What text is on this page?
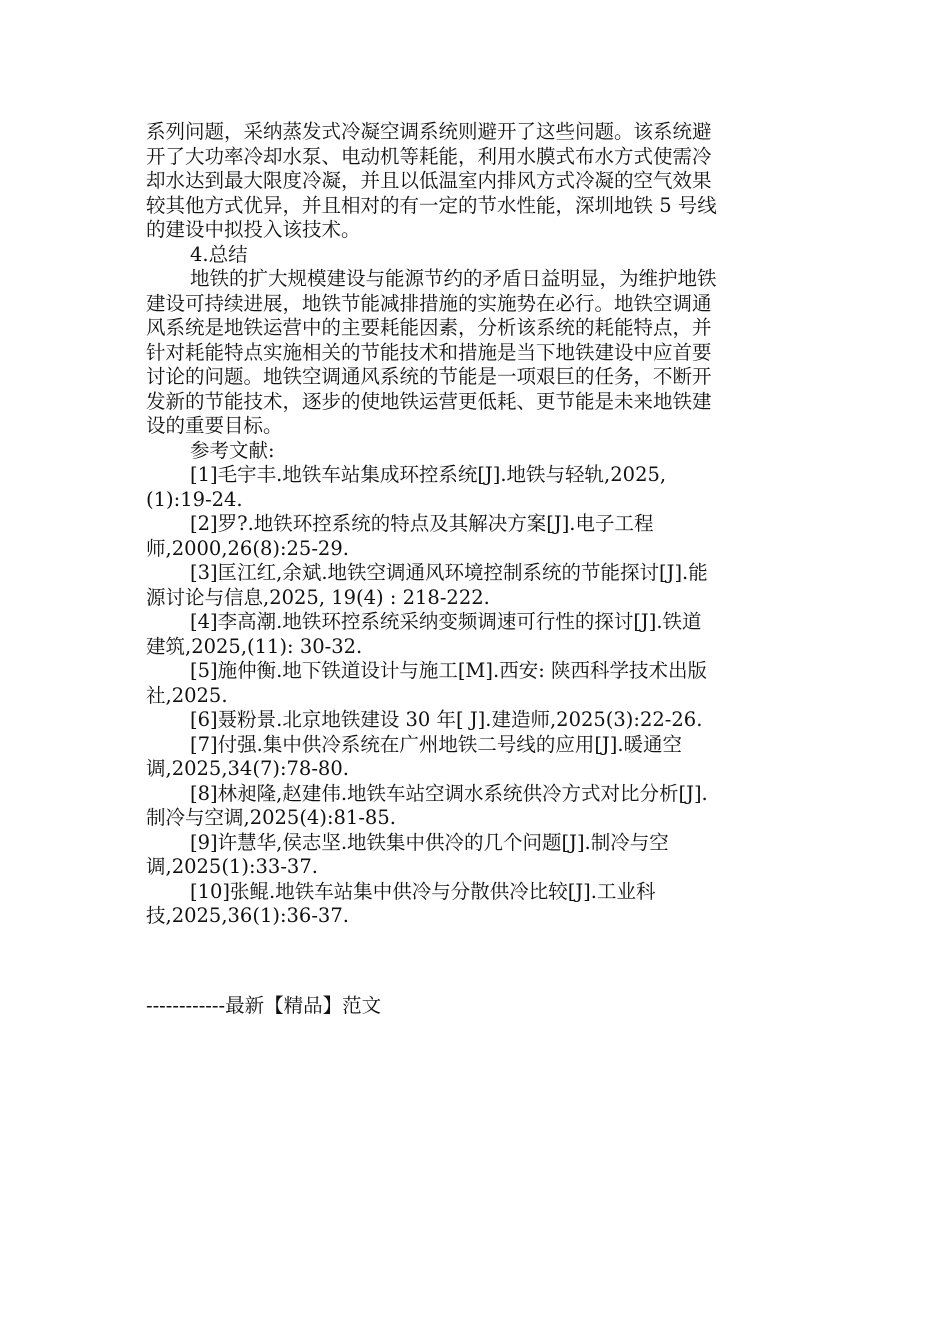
系列问题，采纳蒸发式冷凝空调系统则避开了这些问题。该系统避
开了大功率冷却水泵、电动机等耗能，利用水膜式布水方式使需冷
却水达到最大限度冷凝，并且以低温室内排风方式冷凝的空气效果
较其他方式优异，并且相对的有一定的节水性能，深圳地铁 5 号线
的建设中拟投入该技术。
4.总结
地铁的扩大规模建设与能源节约的矛盾日益明显，为维护地铁
建设可持续进展，地铁节能减排措施的实施势在必行。地铁空调通
风系统是地铁运营中的主要耗能因素，分析该系统的耗能特点，并
针对耗能特点实施相关的节能技术和措施是当下地铁建设中应首要
讨论的问题。地铁空调通风系统的节能是一项艰巨的任务，不断开
发新的节能技术，逐步的使地铁运营更低耗、更节能是未来地铁建
设的重要目标。
参考文献:
[1]毛宇丰.地铁车站集成环控系统[J].地铁与轻轨,2025,
(1):19-24.
[2]罗?.地铁环控系统的特点及其解决方案[J].电子工程
师,2000,26(8):25-29.
[3]匡江红,余斌.地铁空调通风环境控制系统的节能探讨[J].能
源讨论与信息,2025, 19(4) : 218-222.
[4]李高潮.地铁环控系统采纳变频调速可行性的探讨[J].铁道
建筑,2025,(11): 30-32.
[5]施仲衡.地下铁道设计与施工[M].西安: 陕西科学技术出版
社,2025.
[6]聂粉景.北京地铁建设 30 年[ J].建造师,2025(3):22-26.
[7]付强.集中供冷系统在广州地铁二号线的应用[J].暖通空
调,2025,34(7):78-80.
[8]林昶隆,赵建伟.地铁车站空调水系统供冷方式对比分析[J].
制冷与空调,2025(4):81-85.
[9]许慧华,侯志坚.地铁集中供冷的几个问题[J].制冷与空
调,2025(1):33-37.
[10]张鲲.地铁车站集中供冷与分散供冷比较[J].工业科
技,2025,36(1):36-37.
------------最新【精品】范文
